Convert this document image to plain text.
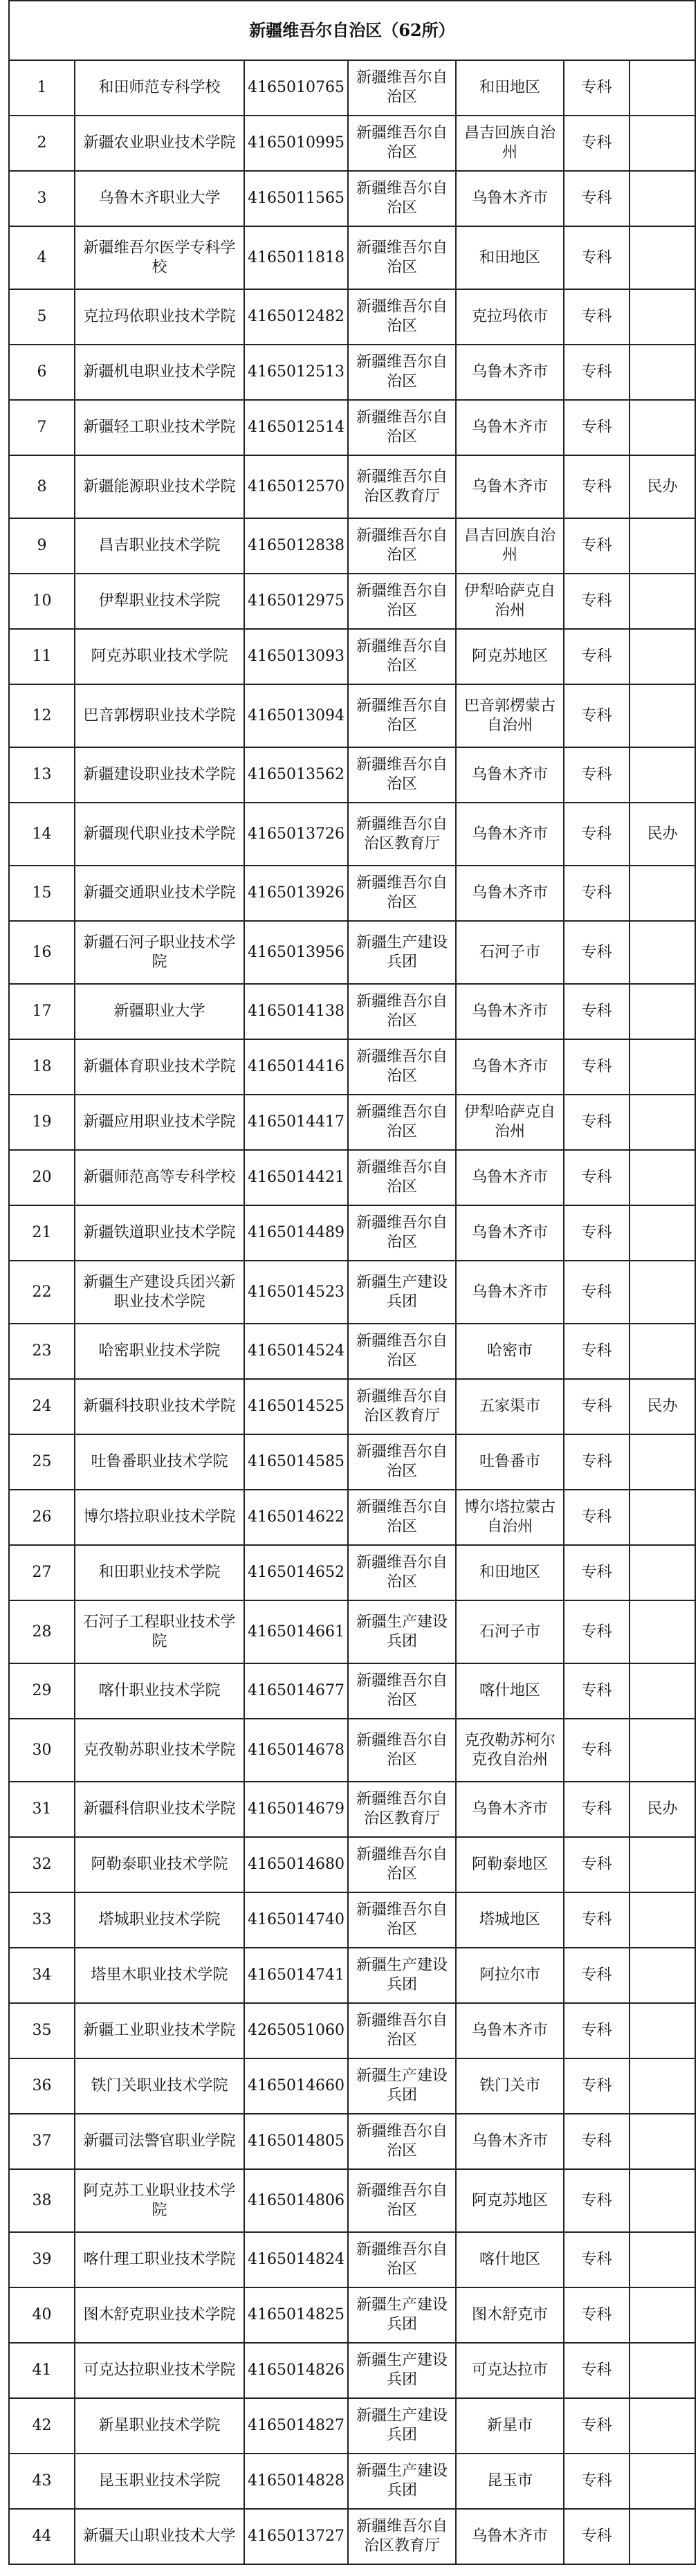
新疆维吾尔自治区（62所）						
1	和田师范专科学校	4165010765	新疆维吾尔自治区	和田地区	专科	
2	新疆农业职业技术学院	4165010995	新疆维吾尔自治区	昌吉回族自治州	专科	
3	乌鲁木齐职业大学	4165011565	新疆维吾尔自治区	乌鲁木齐市	专科	
4	新疆维吾尔医学专科学校	4165011818	新疆维吾尔自治区	和田地区	专科	
5	克拉玛依职业技术学院	4165012482	新疆维吾尔自治区	克拉玛依市	专科	
6	新疆机电职业技术学院	4165012513	新疆维吾尔自治区	乌鲁木齐市	专科	
7	新疆轻工职业技术学院	4165012514	新疆维吾尔自治区	乌鲁木齐市	专科	
8	新疆能源职业技术学院	4165012570	新疆维吾尔自治区教育厅	乌鲁木齐市	专科	民办
9	昌吉职业技术学院	4165012838	新疆维吾尔自治区	昌吉回族自治州	专科	
10	伊犁职业技术学院	4165012975	新疆维吾尔自治区	伊犁哈萨克自治州	专科	
11	阿克苏职业技术学院	4165013093	新疆维吾尔自治区	阿克苏地区	专科	
12	巴音郭楞职业技术学院	4165013094	新疆维吾尔自治区	巴音郭楞蒙古自治州	专科	
13	新疆建设职业技术学院	4165013562	新疆维吾尔自治区	乌鲁木齐市	专科	
14	新疆现代职业技术学院	4165013726	新疆维吾尔自治区教育厅	乌鲁木齐市	专科	民办
15	新疆交通职业技术学院	4165013926	新疆维吾尔自治区	乌鲁木齐市	专科	
16	新疆石河子职业技术学院	4165013956	新疆生产建设兵团	石河子市	专科	
17	新疆职业大学	4165014138	新疆维吾尔自治区	乌鲁木齐市	专科	
18	新疆体育职业技术学院	4165014416	新疆维吾尔自治区	乌鲁木齐市	专科	
19	新疆应用职业技术学院	4165014417	新疆维吾尔自治区	伊犁哈萨克自治州	专科	
20	新疆师范高等专科学校	4165014421	新疆维吾尔自治区	乌鲁木齐市	专科	
21	新疆铁道职业技术学院	4165014489	新疆维吾尔自治区	乌鲁木齐市	专科	
22	新疆生产建设兵团兴新职业技术学院	4165014523	新疆生产建设兵团	乌鲁木齐市	专科	
23	哈密职业技术学院	4165014524	新疆维吾尔自治区	哈密市	专科	
24	新疆科技职业技术学院	4165014525	新疆维吾尔自治区教育厅	五家渠市	专科	民办
25	吐鲁番职业技术学院	4165014585	新疆维吾尔自治区	吐鲁番市	专科	
26	博尔塔拉职业技术学院	4165014622	新疆维吾尔自治区	博尔塔拉蒙古自治州	专科	
27	和田职业技术学院	4165014652	新疆维吾尔自治区	和田地区	专科	
28	石河子工程职业技术学院	4165014661	新疆生产建设兵团	石河子市	专科	
29	喀什职业技术学院	4165014677	新疆维吾尔自治区	喀什地区	专科	
30	克孜勒苏职业技术学院	4165014678	新疆维吾尔自治区	克孜勒苏柯尔克孜自治州	专科	
31	新疆科信职业技术学院	4165014679	新疆维吾尔自治区教育厅	乌鲁木齐市	专科	民办
32	阿勒泰职业技术学院	4165014680	新疆维吾尔自治区	阿勒泰地区	专科	
33	塔城职业技术学院	4165014740	新疆维吾尔自治区	塔城地区	专科	
34	塔里木职业技术学院	4165014741	新疆生产建设兵团	阿拉尔市	专科	
35	新疆工业职业技术学院	4265051060	新疆维吾尔自治区	乌鲁木齐市	专科	
36	铁门关职业技术学院	4165014660	新疆生产建设兵团	铁门关市	专科	
37	新疆司法警官职业学院	4165014805	新疆维吾尔自治区	乌鲁木齐市	专科	
38	阿克苏工业职业技术学院	4165014806	新疆维吾尔自治区	阿克苏地区	专科	
39	喀什理工职业技术学院	4165014824	新疆维吾尔自治区	喀什地区	专科	
40	图木舒克职业技术学院	4165014825	新疆生产建设兵团	图木舒克市	专科	
41	可克达拉职业技术学院	4165014826	新疆生产建设兵团	可克达拉市	专科	
42	新星职业技术学院	4165014827	新疆生产建设兵团	新星市	专科	
43	昆玉职业技术学院	4165014828	新疆生产建设兵团	昆玉市	专科	
44	新疆天山职业技术大学	4165013727	新疆维吾尔自治区教育厅	乌鲁木齐市	专科	
